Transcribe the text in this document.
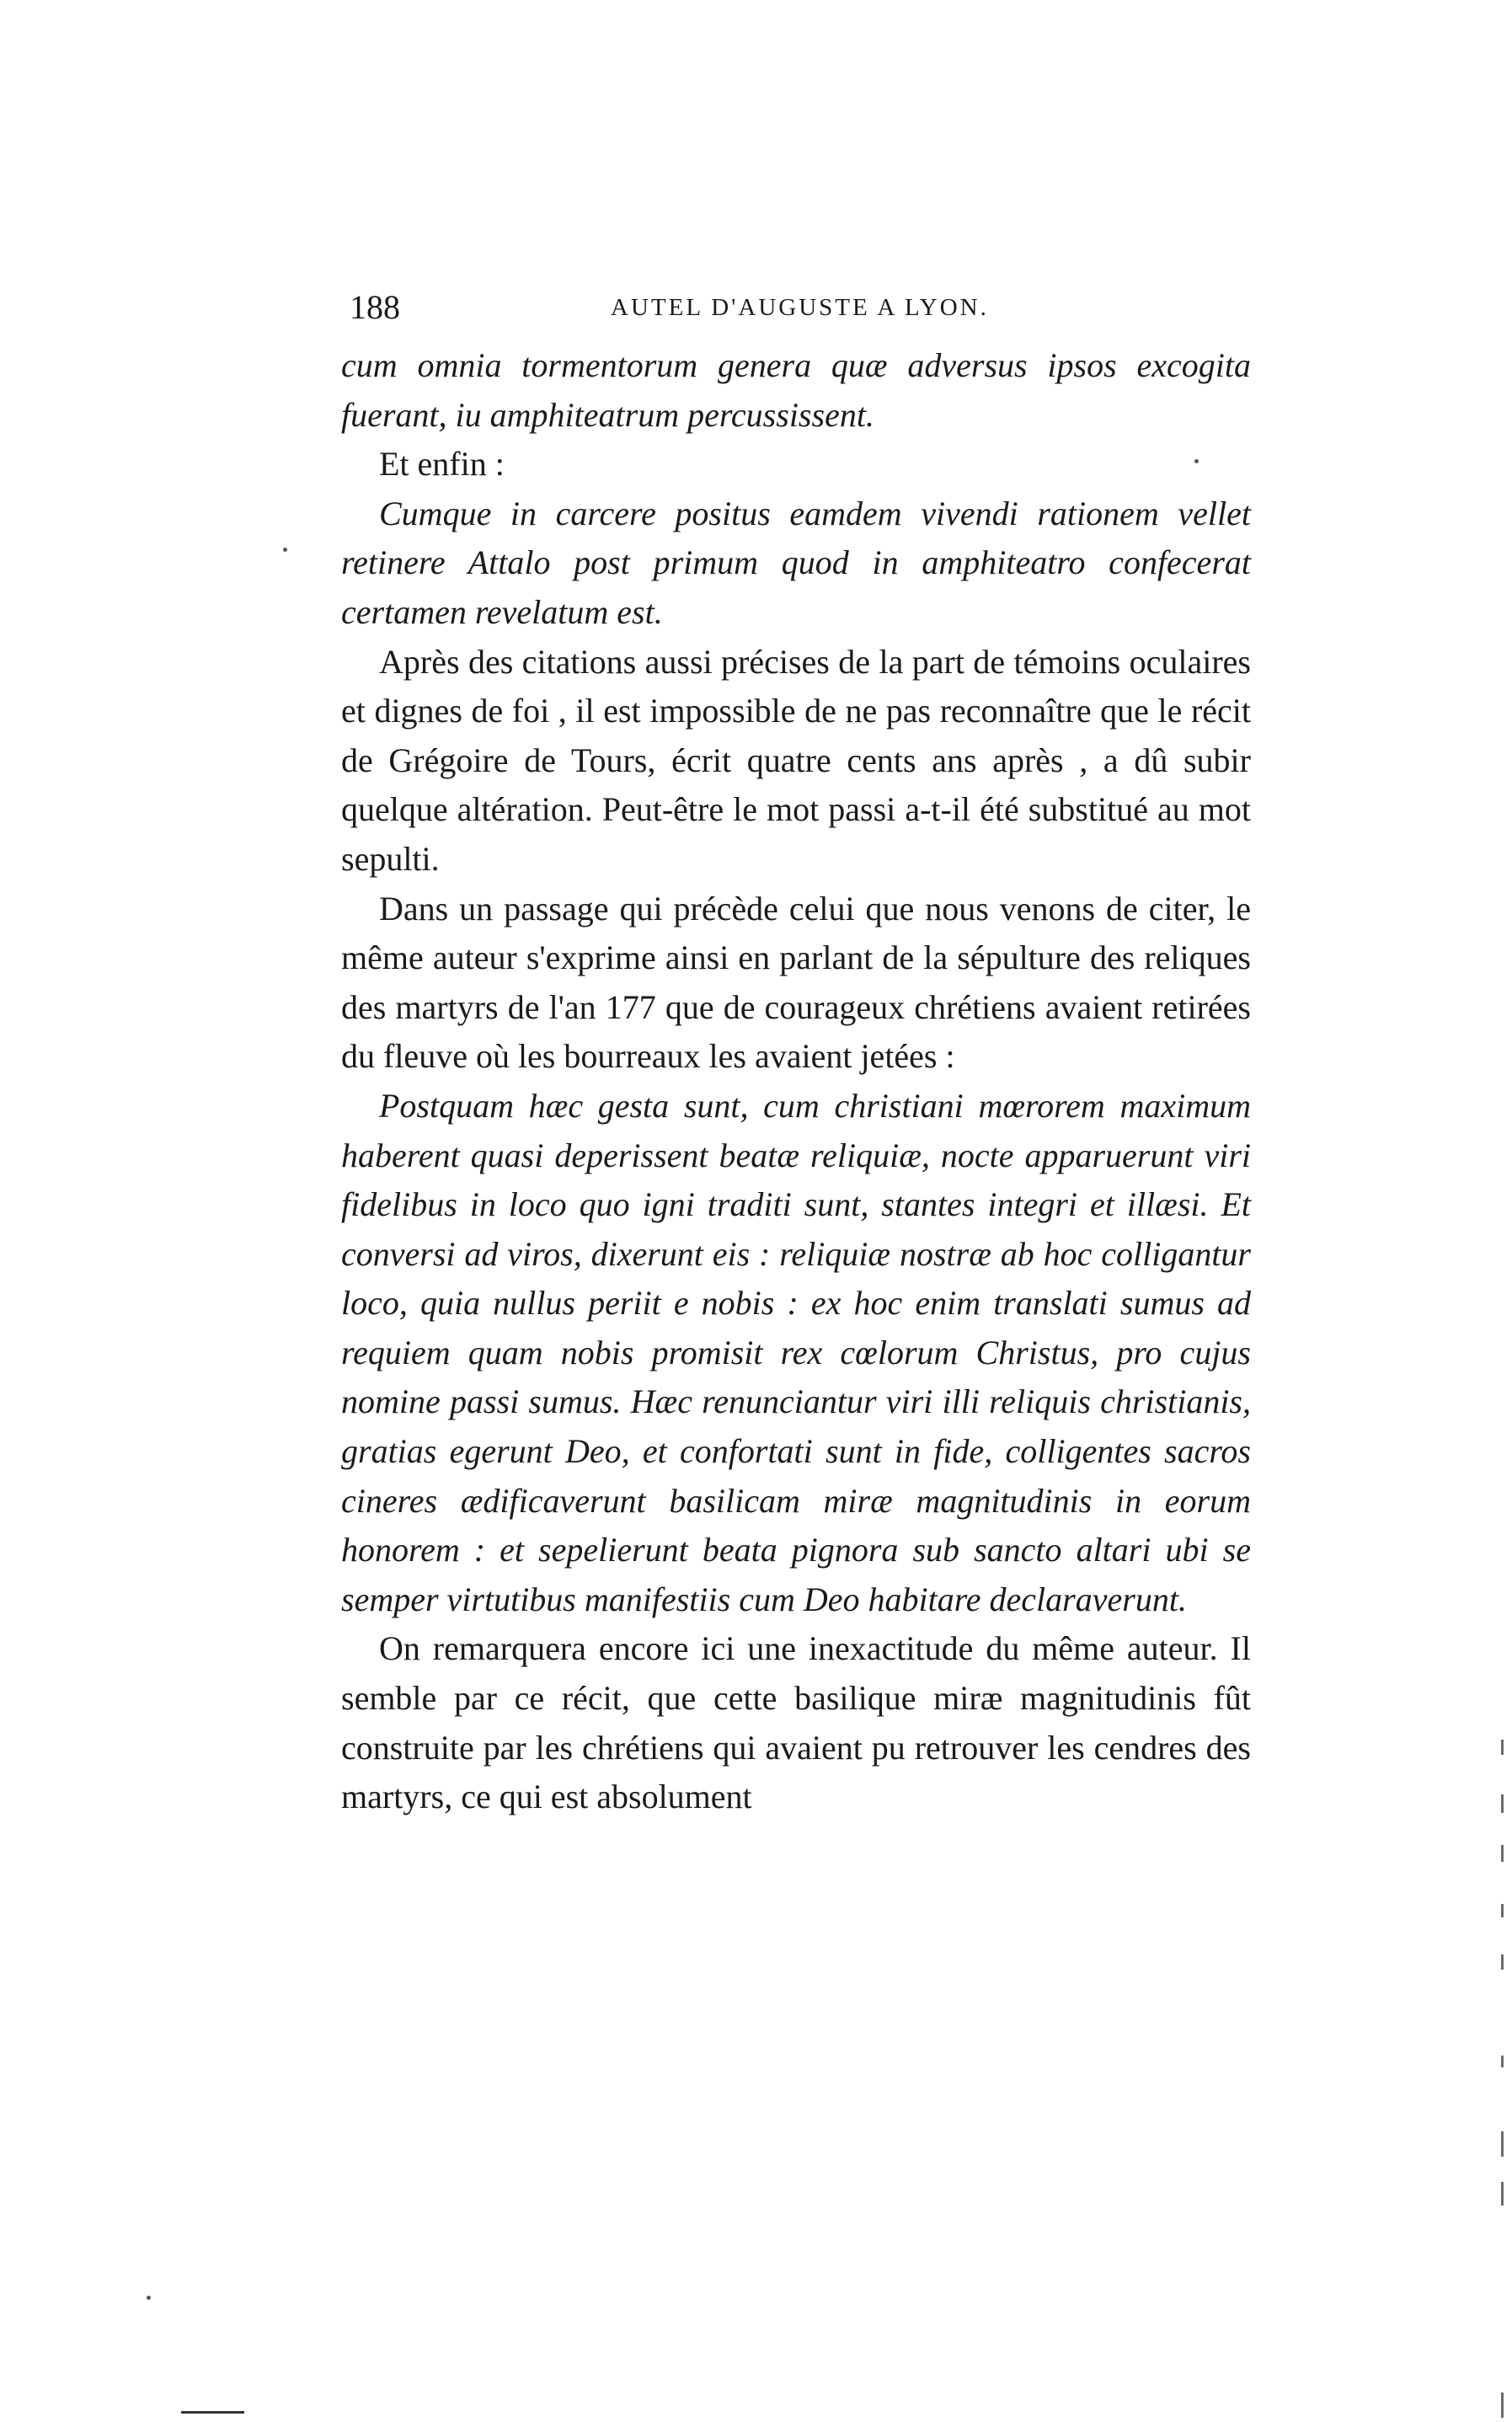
188	AUTEL D'AUGUSTE A LYON.

cum omnia tormentorum genera quæ adversus ipsos excogita fuerant, iu amphiteatrum percussissent.

Et enfin :

Cumque in carcere positus eamdem vivendi rationem vellet retinere Attalo post primum quod in amphiteatro confecerat certamen revelatum est.

Après des citations aussi précises de la part de témoins oculaires et dignes de foi , il est impossible de ne pas reconnaître que le récit de Grégoire de Tours, écrit quatre cents ans après , a dû subir quelque altération. Peut-être le mot passi a-t-il été substitué au mot sepulti.

Dans un passage qui précède celui que nous venons de citer, le même auteur s'exprime ainsi en parlant de la sépulture des reliques des martyrs de l'an 177 que de courageux chrétiens avaient retirées du fleuve où les bourreaux les avaient jetées :

Postquam hæc gesta sunt, cum christiani mœrorem maximum haberent quasi deperissent beatæ reliquiæ, nocte apparuerunt viri fidelibus in loco quo igni traditi sunt, stantes integri et illæsi. Et conversi ad viros, dixerunt eis : reliquiæ nostræ ab hoc colligantur loco, quia nullus periit e nobis : ex hoc enim translati sumus ad requiem quam nobis promisit rex cœlorum Christus, pro cujus nomine passi sumus. Hæc renunciantur viri illi reliquis christianis, gratias egerunt Deo, et confortati sunt in fide, colligentes sacros cineres ædificaverunt basilicam miræ magnitudinis in eorum honorem : et sepelierunt beata pignora sub sancto altari ubi se semper virtutibus manifestiis cum Deo habitare declaraverunt.

On remarquera encore ici une inexactitude du même auteur. Il semble par ce récit, que cette basilique miræ magnitudinis fût construite par les chrétiens qui avaient pu retrouver les cendres des martyrs, ce qui est absolument
